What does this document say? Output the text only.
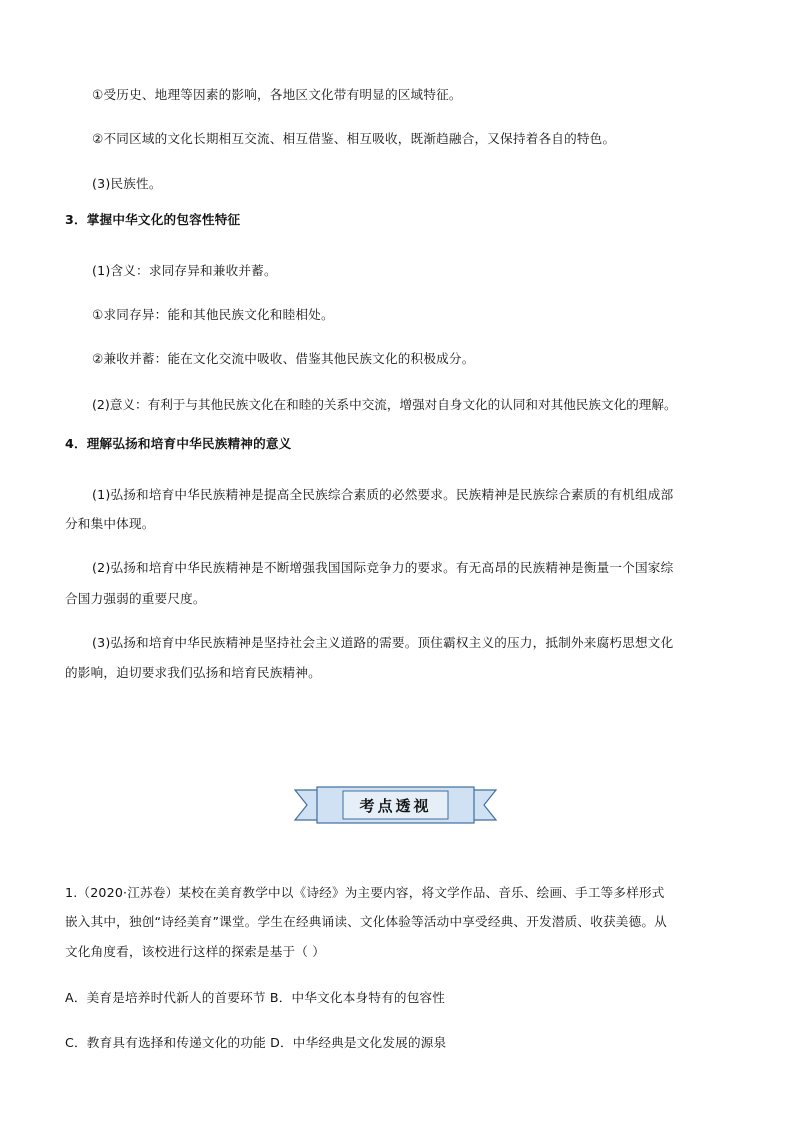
①受历史、地理等因素的影响，各地区文化带有明显的区域特征。
②不同区域的文化长期相互交流、相互借鉴、相互吸收，既渐趋融合，又保持着各自的特色。
(3)民族性。
3．掌握中华文化的包容性特征
(1)含义：求同存异和兼收并蓄。
①求同存异：能和其他民族文化和睦相处。
②兼收并蓄：能在文化交流中吸收、借鉴其他民族文化的积极成分。
(2)意义：有利于与其他民族文化在和睦的关系中交流，增强对自身文化的认同和对其他民族文化的理解。
4．理解弘扬和培育中华民族精神的意义
(1)弘扬和培育中华民族精神是提高全民族综合素质的必然要求。民族精神是民族综合素质的有机组成部
分和集中体现。
(2)弘扬和培育中华民族精神是不断增强我国国际竞争力的要求。有无高昂的民族精神是衡量一个国家综
合国力强弱的重要尺度。
(3)弘扬和培育中华民族精神是坚持社会主义道路的需要。顶住霸权主义的压力，抵制外来腐朽思想文化
的影响，迫切要求我们弘扬和培育民族精神。
考点透视
1.（2020·江苏卷）某校在美育教学中以《诗经》为主要内容，将文学作品、音乐、绘画、手工等多样形式
嵌入其中，独创“诗经美育”课堂。学生在经典诵读、文化体验等活动中享受经典、开发潜质、收获美德。从
文化角度看，该校进行这样的探索是基于（ ）
A．美育是培养时代新人的首要环节 B．中华文化本身特有的包容性
C．教育具有选择和传递文化的功能 D．中华经典是文化发展的源泉
